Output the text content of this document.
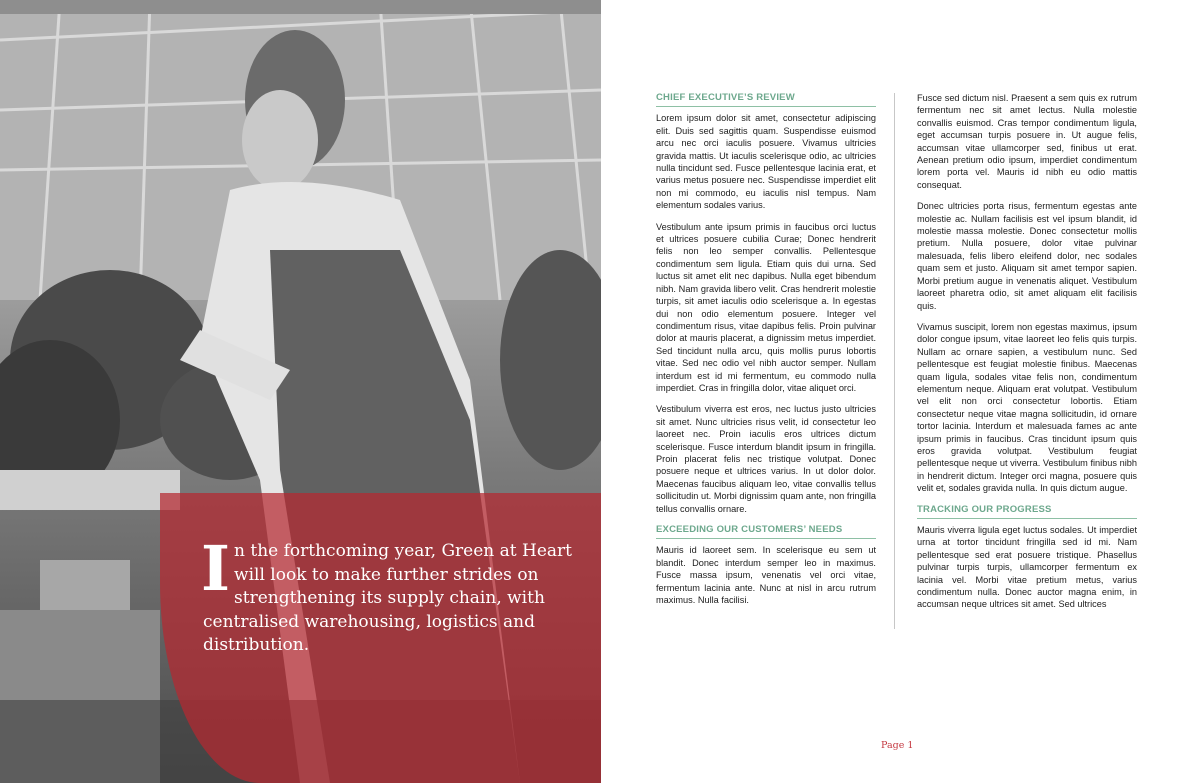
In the forthcoming year, Green at Heart will look to make further strides on strengthening its supply chain, with centralised warehousing, logistics and distribution.

CHIEF EXECUTIVE’S REVIEW

Lorem ipsum dolor sit amet, consectetur adipiscing elit. Duis sed sagittis quam. Suspendisse euismod arcu nec orci iaculis posuere. Vivamus ultricies gravida mattis. Ut iaculis scelerisque odio, ac ultricies nulla tincidunt sed. Fusce pellentesque lacinia erat, et varius metus posuere nec. Suspendisse imperdiet elit non mi commodo, eu iaculis nisl tempus. Nam elementum sodales varius.

Vestibulum ante ipsum primis in faucibus orci luctus et ultrices posuere cubilia Curae; Donec hendrerit felis non leo semper convallis. Pellentesque condimentum sem ligula. Etiam quis dui urna. Sed luctus sit amet elit nec dapibus. Nulla eget bibendum nibh. Nam gravida libero velit. Cras hendrerit molestie turpis, sit amet iaculis odio scelerisque a. In egestas dui non odio elementum posuere. Integer vel condimentum risus, vitae dapibus felis. Proin pulvinar dolor at mauris placerat, a dignissim metus imperdiet. Sed tincidunt nulla arcu, quis mollis purus lobortis vitae. Sed nec odio vel nibh auctor semper. Nullam interdum est id mi fermentum, eu commodo nulla imperdiet. Cras in fringilla dolor, vitae aliquet orci.

Vestibulum viverra est eros, nec luctus justo ultricies sit amet. Nunc ultricies risus velit, id consectetur leo laoreet nec. Proin iaculis eros ultrices dictum scelerisque. Fusce interdum blandit ipsum in fringilla. Proin placerat felis nec tristique volutpat. Donec posuere neque et ultrices varius. In ut dolor dolor. Maecenas faucibus aliquam leo, vitae convallis tellus sollicitudin ut. Morbi dignissim quam ante, non fringilla tellus convallis ornare.

EXCEEDING OUR CUSTOMERS’ NEEDS

Mauris id laoreet sem. In scelerisque eu sem ut blandit. Donec interdum semper leo in maximus. Fusce massa ipsum, venenatis vel orci vitae, fermentum lacinia ante. Nunc at nisl in arcu rutrum maximus. Nulla facilisi.

Fusce sed dictum nisl. Praesent a sem quis ex rutrum fermentum nec sit amet lectus. Nulla molestie convallis euismod. Cras tempor condimentum ligula, eget accumsan turpis posuere in. Ut augue felis, accumsan vitae ullamcorper sed, finibus ut erat. Aenean pretium odio ipsum, imperdiet condimentum lorem porta vel. Mauris id nibh eu odio mattis consequat.

Donec ultricies porta risus, fermentum egestas ante molestie ac. Nullam facilisis est vel ipsum blandit, id molestie massa molestie. Donec consectetur mollis pretium. Nulla posuere, dolor vitae pulvinar malesuada, felis libero eleifend dolor, nec sodales quam sem et justo. Aliquam sit amet tempor sapien. Morbi pretium augue in venenatis aliquet. Vestibulum laoreet pharetra odio, sit amet aliquam elit facilisis quis.

Vivamus suscipit, lorem non egestas maximus, ipsum dolor congue ipsum, vitae laoreet leo felis quis turpis. Nullam ac ornare sapien, a vestibulum nunc. Sed pellentesque est feugiat molestie finibus. Maecenas quam ligula, sodales vitae felis non, condimentum elementum neque. Aliquam erat volutpat. Vestibulum vel elit non orci consectetur lobortis. Etiam consectetur neque vitae magna sollicitudin, id ornare tortor lacinia. Interdum et malesuada fames ac ante ipsum primis in faucibus. Cras tincidunt ipsum quis eros gravida volutpat. Vestibulum feugiat pellentesque neque ut viverra. Vestibulum finibus nibh in hendrerit dictum. Integer orci magna, posuere quis velit et, sodales gravida nulla. In quis dictum augue.

TRACKING OUR PROGRESS

Mauris viverra ligula eget luctus sodales. Ut imperdiet urna at tortor tincidunt fringilla sed id mi. Nam pellentesque sed erat posuere tristique. Phasellus pulvinar turpis turpis, ullamcorper fermentum ex lacinia vel. Morbi vitae pretium metus, varius condimentum nulla. Donec auctor magna enim, in accumsan neque ultrices sit amet. Sed ultrices

Page 1
